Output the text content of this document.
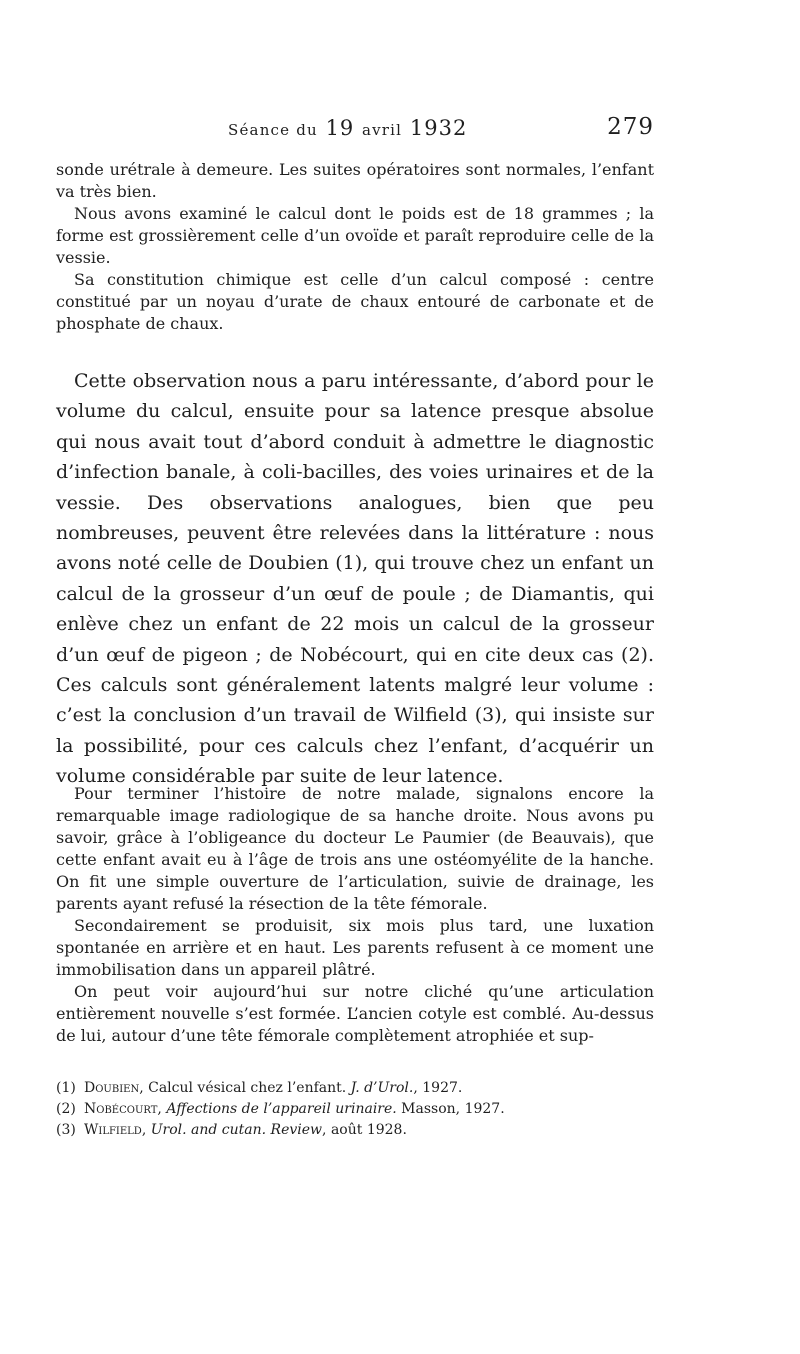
Séance du 19 avril 1932	279

sonde urétrale à demeure. Les suites opératoires sont normales, l’enfant va très bien.

Nous avons examiné le calcul dont le poids est de 18 grammes ; la forme est grossièrement celle d’un ovoïde et paraît reproduire celle de la vessie.

Sa constitution chimique est celle d’un calcul composé : centre constitué par un noyau d’urate de chaux entouré de carbonate et de phosphate de chaux.

Cette observation nous a paru intéressante, d’abord pour le volume du calcul, ensuite pour sa latence presque absolue qui nous avait tout d’abord conduit à admettre le diagnostic d’infection banale, à coli-bacilles, des voies urinaires et de la vessie. Des observations analogues, bien que peu nombreuses, peuvent être relevées dans la littérature : nous avons noté celle de Doubien (1), qui trouve chez un enfant un calcul de la grosseur d’un œuf de poule ; de Diamantis, qui enlève chez un enfant de 22 mois un calcul de la grosseur d’un œuf de pigeon ; de Nobécourt, qui en cite deux cas (2). Ces calculs sont généralement latents malgré leur volume : c’est la conclusion d’un travail de Wilfield (3), qui insiste sur la possibilité, pour ces calculs chez l’enfant, d’acquérir un volume considérable par suite de leur latence.

Pour terminer l’histoire de notre malade, signalons encore la remarquable image radiologique de sa hanche droite. Nous avons pu savoir, grâce à l’obligeance du docteur Le Paumier (de Beauvais), que cette enfant avait eu à l’âge de trois ans une ostéomyélite de la hanche. On fit une simple ouverture de l’articulation, suivie de drainage, les parents ayant refusé la résection de la tête fémorale.

Secondairement se produisit, six mois plus tard, une luxation spontanée en arrière et en haut. Les parents refusent à ce moment une immobilisation dans un appareil plâtré.

On peut voir aujourd’hui sur notre cliché qu’une articulation entièrement nouvelle s’est formée. L’ancien cotyle est comblé. Au-dessus de lui, autour d’une tête fémorale complètement atrophiée et sup-

(1) Doubien, Calcul vésical chez l’enfant. J. d’Urol., 1927.
(2) Nobécourt, Affections de l’appareil urinaire. Masson, 1927.
(3) Wilfield, Urol. and cutan. Review, août 1928.
